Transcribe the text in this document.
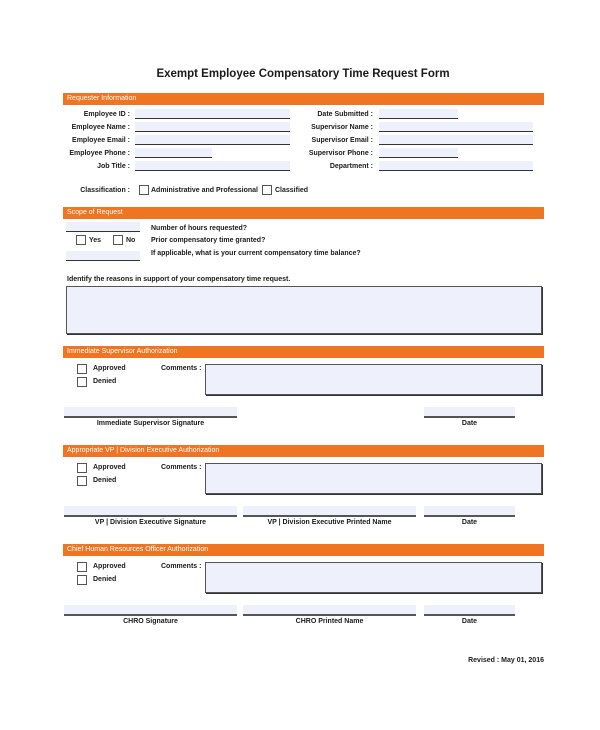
Exempt Employee Compensatory Time Request Form
Requester Information
Employee ID :
Employee Name :
Employee Email :
Employee Phone :
Job Title :
Date Submitted :
Supervisor Name :
Supervisor Email :
Supervisor Phone :
Department :
Classification :	Administrative and Professional Classified
Scope of Request
Yes	No
Number of hours requested?
Prior compensatory time granted?
If applicable, what is your current compensatory time balance?
Identify the reasons in support of your compensatory time request.
Immediate Supervisor Authorization
Approved
Denied
Comments :
Immediate Supervisor Signature	Date
Appropriate VP | Division Executive Authorization
Approved
Denied
Comments :
VP | Division Executive Signature	VP | Division Executive Printed Name	Date
Chief Human Resources Officer Authorization
Approved
Denied
Comments :
CHRO Signature	CHRO Printed Name	Date
Revised : May 01, 2016
